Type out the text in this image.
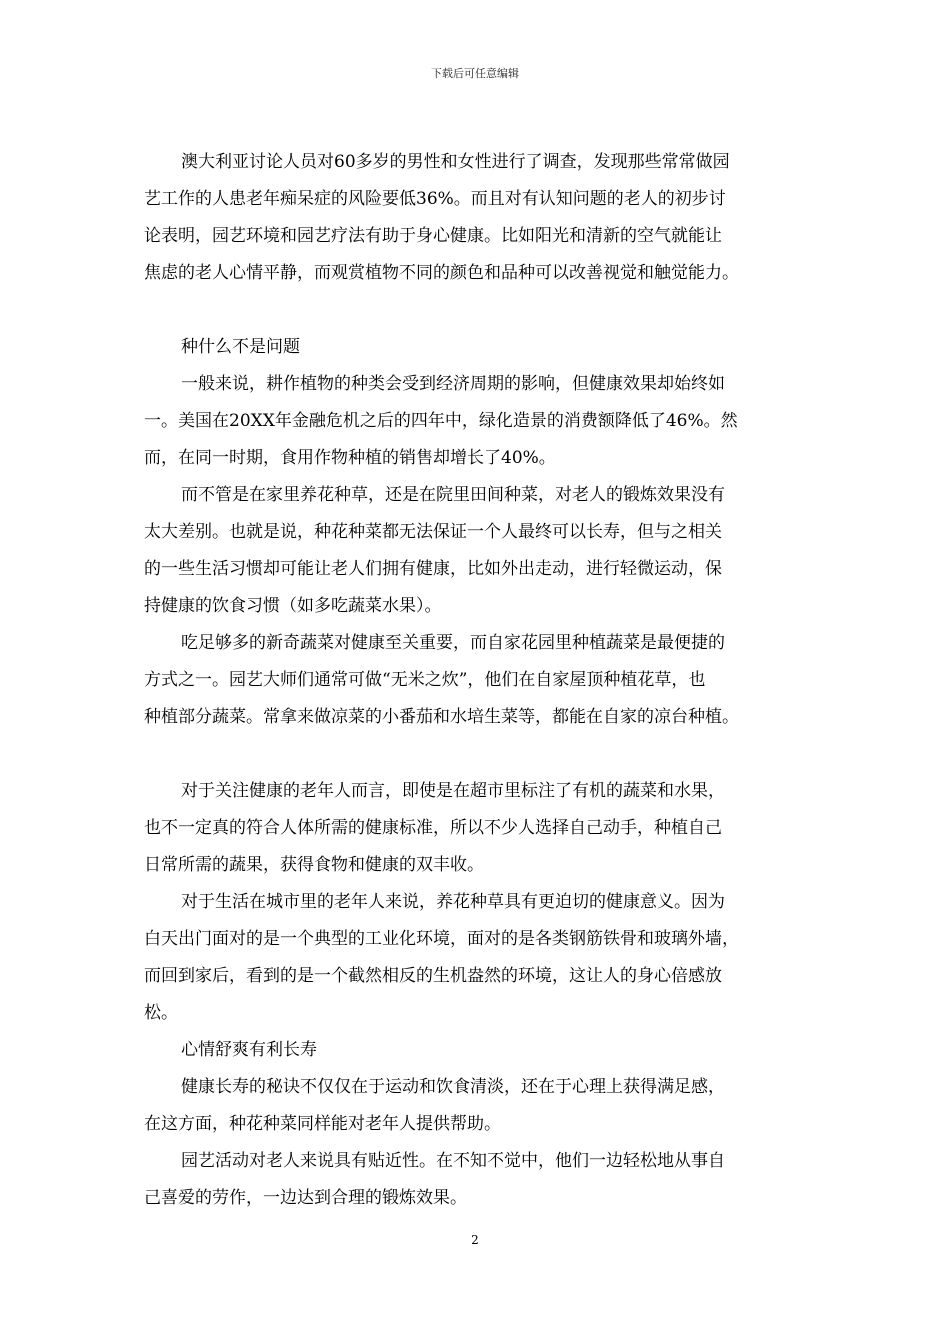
下载后可任意编辑

澳大利亚讨论人员对60多岁的男性和女性进行了调查，发现那些常常做园
艺工作的人患老年痴呆症的风险要低36%。而且对有认知问题的老人的初步讨
论表明，园艺环境和园艺疗法有助于身心健康。比如阳光和清新的空气就能让
焦虑的老人心情平静，而观赏植物不同的颜色和品种可以改善视觉和触觉能力。

种什么不是问题

一般来说，耕作植物的种类会受到经济周期的影响，但健康效果却始终如
一。美国在20XX年金融危机之后的四年中，绿化造景的消费额降低了46%。然
而，在同一时期，食用作物种植的销售却增长了40%。

而不管是在家里养花种草，还是在院里田间种菜，对老人的锻炼效果没有
太大差别。也就是说，种花种菜都无法保证一个人最终可以长寿，但与之相关
的一些生活习惯却可能让老人们拥有健康，比如外出走动，进行轻微运动，保
持健康的饮食习惯（如多吃蔬菜水果）。

吃足够多的新奇蔬菜对健康至关重要，而自家花园里种植蔬菜是最便捷的
方式之一。园艺大师们通常可做“无米之炊”，他们在自家屋顶种植花草，也
种植部分蔬菜。常拿来做凉菜的小番茄和水培生菜等，都能在自家的凉台种植。

对于关注健康的老年人而言，即使是在超市里标注了有机的蔬菜和水果，
也不一定真的符合人体所需的健康标准，所以不少人选择自己动手，种植自己
日常所需的蔬果，获得食物和健康的双丰收。

对于生活在城市里的老年人来说，养花种草具有更迫切的健康意义。因为
白天出门面对的是一个典型的工业化环境，面对的是各类钢筋铁骨和玻璃外墙，
而回到家后，看到的是一个截然相反的生机盎然的环境，这让人的身心倍感放
松。

心情舒爽有利长寿

健康长寿的秘诀不仅仅在于运动和饮食清淡，还在于心理上获得满足感，
在这方面，种花种菜同样能对老年人提供帮助。

园艺活动对老人来说具有贴近性。在不知不觉中，他们一边轻松地从事自
己喜爱的劳作，一边达到合理的锻炼效果。

2
